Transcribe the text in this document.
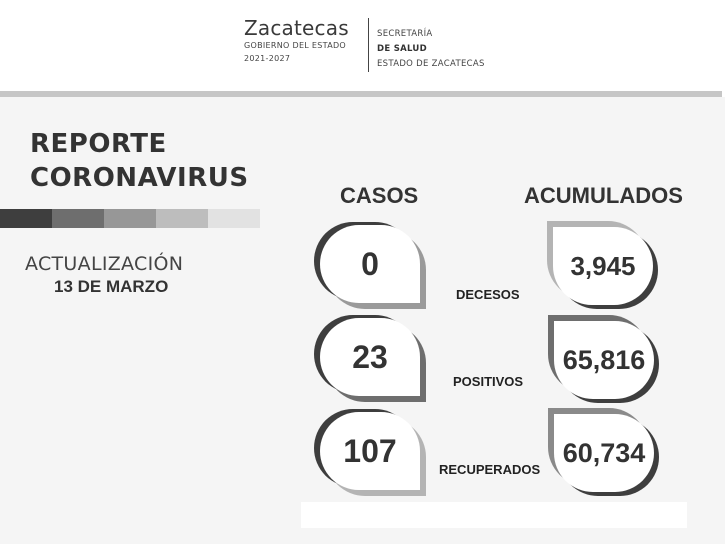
Zacatecas
GOBIERNO DEL ESTADO
2021-2027
SECRETARÍA
DE SALUD
ESTADO DE ZACATECAS
REPORTE
CORONAVIRUS
ACTUALIZACIÓN
13 DE MARZO
CASOS	ACUMULADOS
0
DECESOS
3,945
23
POSITIVOS
65,816
107
RECUPERADOS
60,734
